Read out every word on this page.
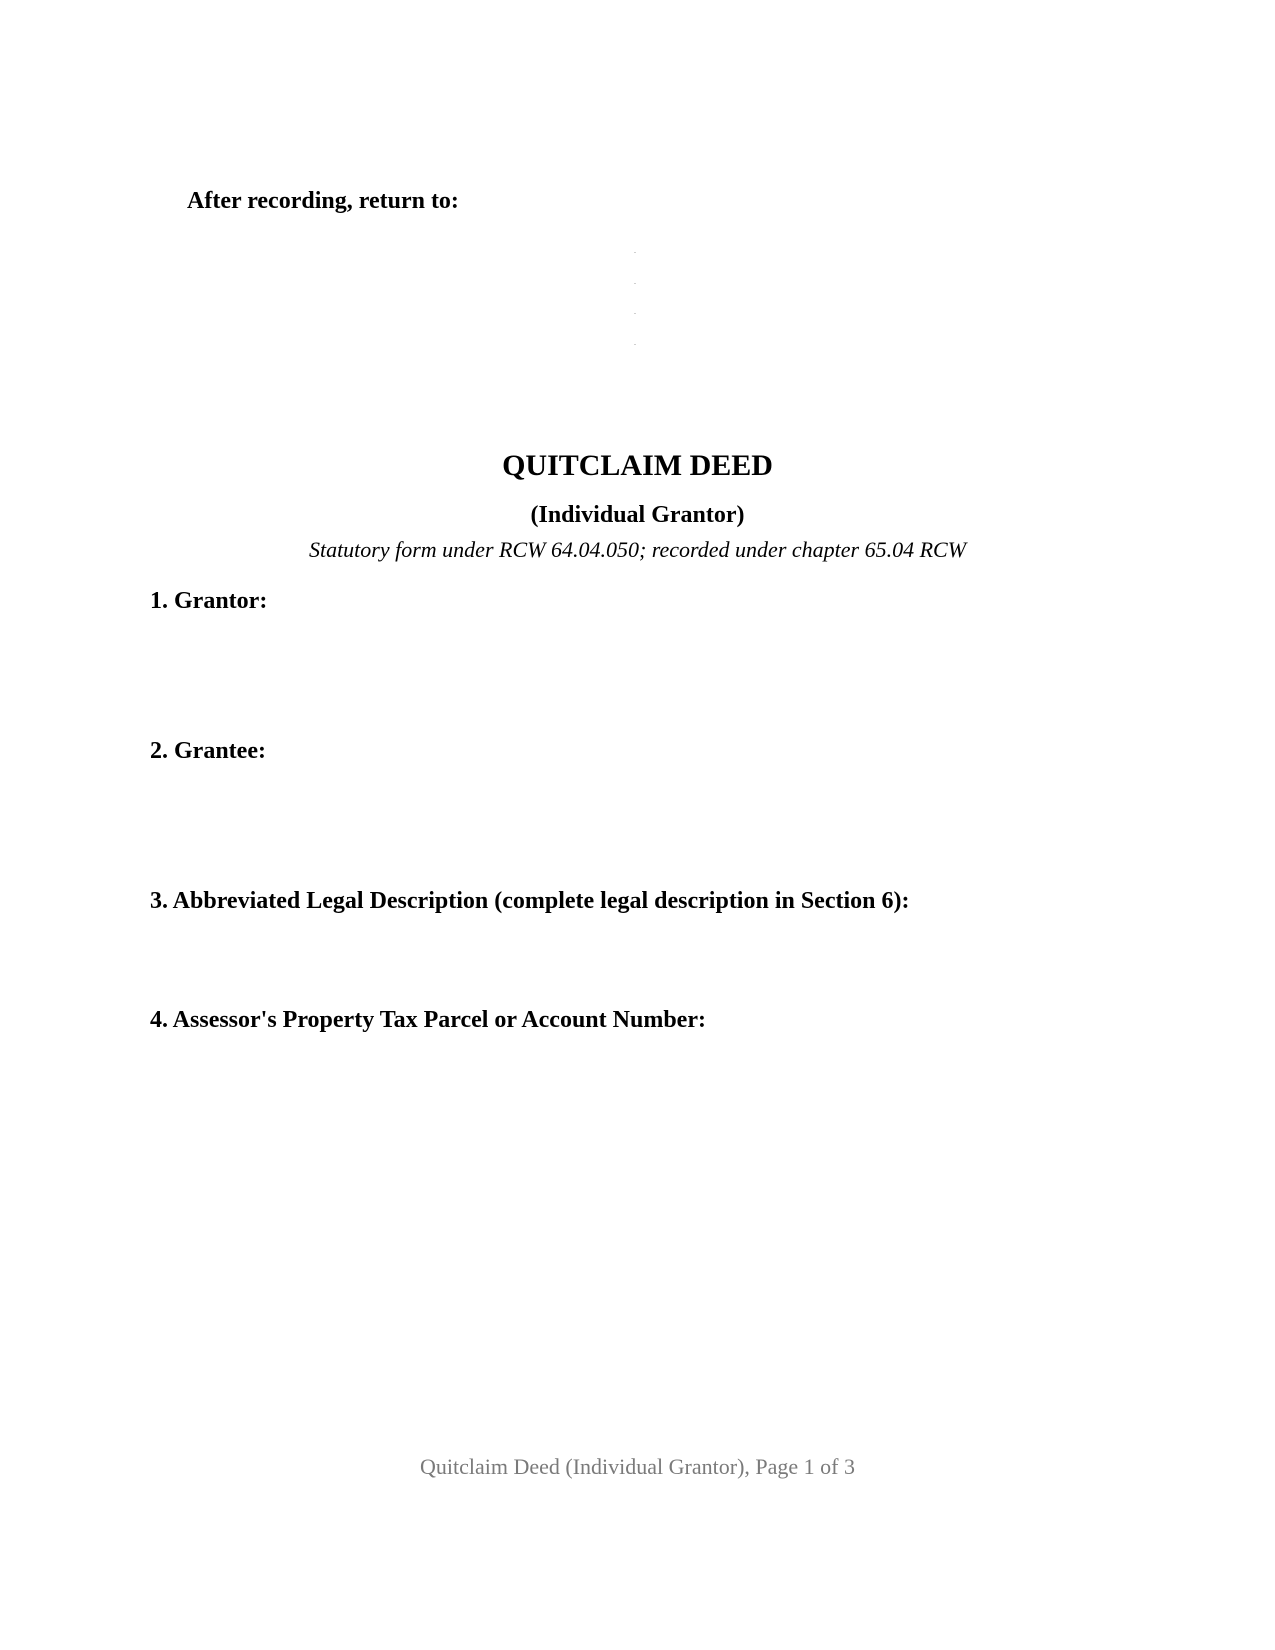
After recording, return to:
QUITCLAIM DEED
(Individual Grantor)
Statutory form under RCW 64.04.050; recorded under chapter 65.04 RCW
1. Grantor:
2. Grantee:
3. Abbreviated Legal Description (complete legal description in Section 6):
4. Assessor's Property Tax Parcel or Account Number:
Quitclaim Deed (Individual Grantor), Page 1 of 3
